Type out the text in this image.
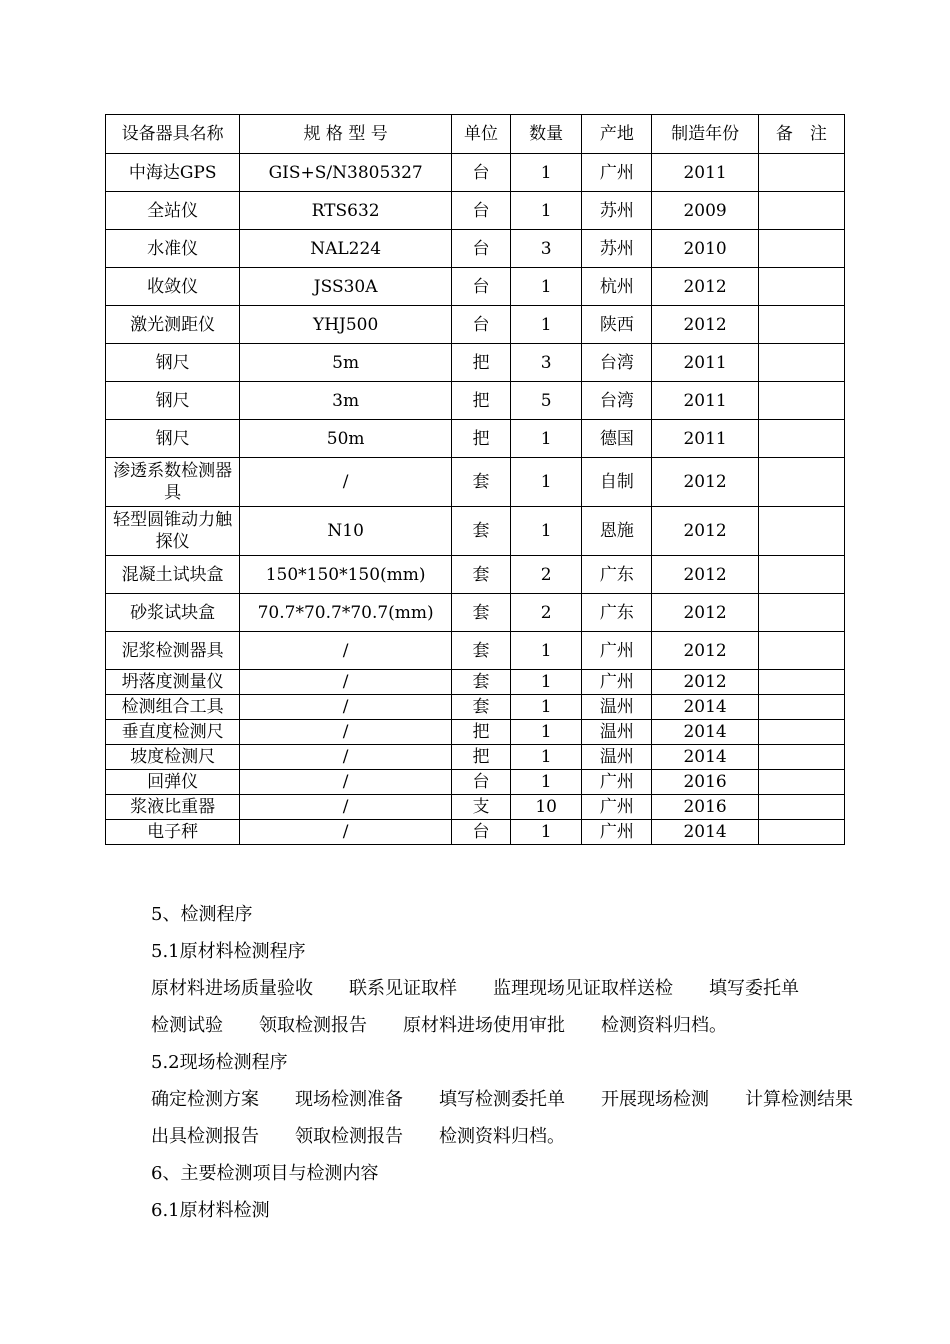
设备器具名称	规 格 型 号	单位	数量	产地	制造年份	备　注
中海达GPS	GIS+S/N3805327	台	1	广州	2011	
全站仪	RTS632	台	1	苏州	2009	
水准仪	NAL224	台	3	苏州	2010	
收敛仪	JSS30A	台	1	杭州	2012	
激光测距仪	YHJ500	台	1	陕西	2012	
钢尺	5m	把	3	台湾	2011	
钢尺	3m	把	5	台湾	2011	
钢尺	50m	把	1	德国	2011	
渗透系数检测器具	/	套	1	自制	2012	
轻型圆锥动力触探仪	N10	套	1	恩施	2012	
混凝土试块盒	150*150*150(mm)	套	2	广东	2012	
砂浆试块盒	70.7*70.7*70.7(mm)	套	2	广东	2012	
泥浆检测器具	/	套	1	广州	2012	
坍落度测量仪	/	套	1	广州	2012	
检测组合工具	/	套	1	温州	2014	
垂直度检测尺	/	把	1	温州	2014	
坡度检测尺	/	把	1	温州	2014	
回弹仪	/	台	1	广州	2016	
浆液比重器	/	支	10	广州	2016	
电子秤	/	台	1	广州	2014	
5、检测程序
5.1原材料检测程序
原材料进场质量验收　　 联系见证取样　　 监理现场见证取样送检　　 填写委托单　　检测试验　　 领取检测报告　　 原材料进场使用审批　　 检测资料归档。
5.2现场检测程序
确定检测方案　　 现场检测准备　　 填写检测委托单　　 开展现场检测　　 计算检测结果　　出具检测报告　　 领取检测报告　　 检测资料归档。
6、主要检测项目与检测内容
6.1原材料检测
